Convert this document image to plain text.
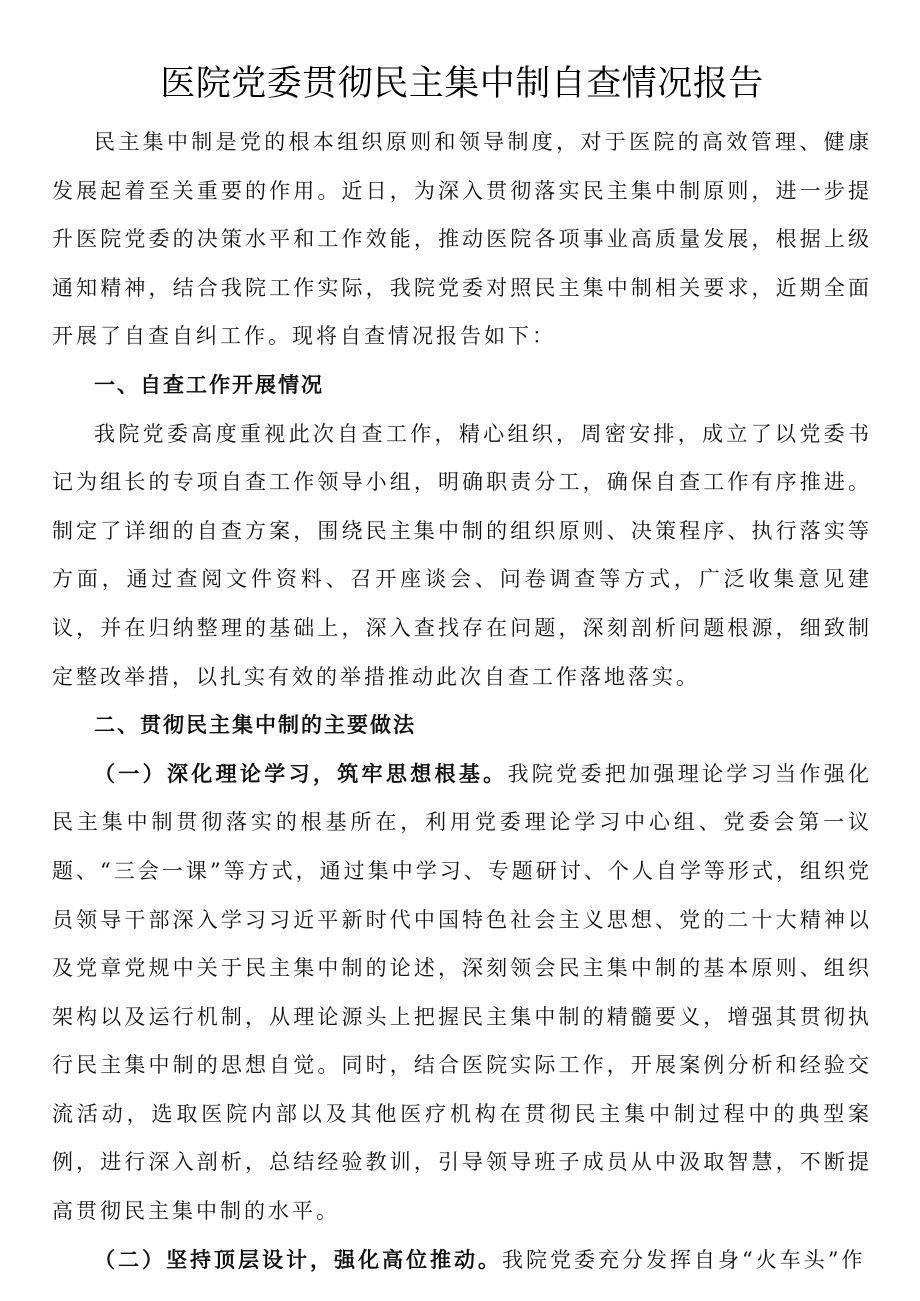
医院党委贯彻民主集中制自查情况报告

民主集中制是党的根本组织原则和领导制度，对于医院的高效管理、健康发展起着至关重要的作用。近日，为深入贯彻落实民主集中制原则，进一步提升医院党委的决策水平和工作效能，推动医院各项事业高质量发展，根据上级通知精神，结合我院工作实际，我院党委对照民主集中制相关要求，近期全面开展了自查自纠工作。现将自查情况报告如下：

一、自查工作开展情况

我院党委高度重视此次自查工作，精心组织，周密安排，成立了以党委书记为组长的专项自查工作领导小组，明确职责分工，确保自查工作有序推进。制定了详细的自查方案，围绕民主集中制的组织原则、决策程序、执行落实等方面，通过查阅文件资料、召开座谈会、问卷调查等方式，广泛收集意见建议，并在归纳整理的基础上，深入查找存在问题，深刻剖析问题根源，细致制定整改举措，以扎实有效的举措推动此次自查工作落地落实。

二、贯彻民主集中制的主要做法

（一）深化理论学习，筑牢思想根基。我院党委把加强理论学习当作强化民主集中制贯彻落实的根基所在，利用党委理论学习中心组、党委会第一议题、“三会一课”等方式，通过集中学习、专题研讨、个人自学等形式，组织党员领导干部深入学习习近平新时代中国特色社会主义思想、党的二十大精神以及党章党规中关于民主集中制的论述，深刻领会民主集中制的基本原则、组织架构以及运行机制，从理论源头上把握民主集中制的精髓要义，增强其贯彻执行民主集中制的思想自觉。同时，结合医院实际工作，开展案例分析和经验交流活动，选取医院内部以及其他医疗机构在贯彻民主集中制过程中的典型案例，进行深入剖析，总结经验教训，引导领导班子成员从中汲取智慧，不断提高贯彻民主集中制的水平。

（二）坚持顶层设计，强化高位推动。我院党委充分发挥自身“火车头”作
